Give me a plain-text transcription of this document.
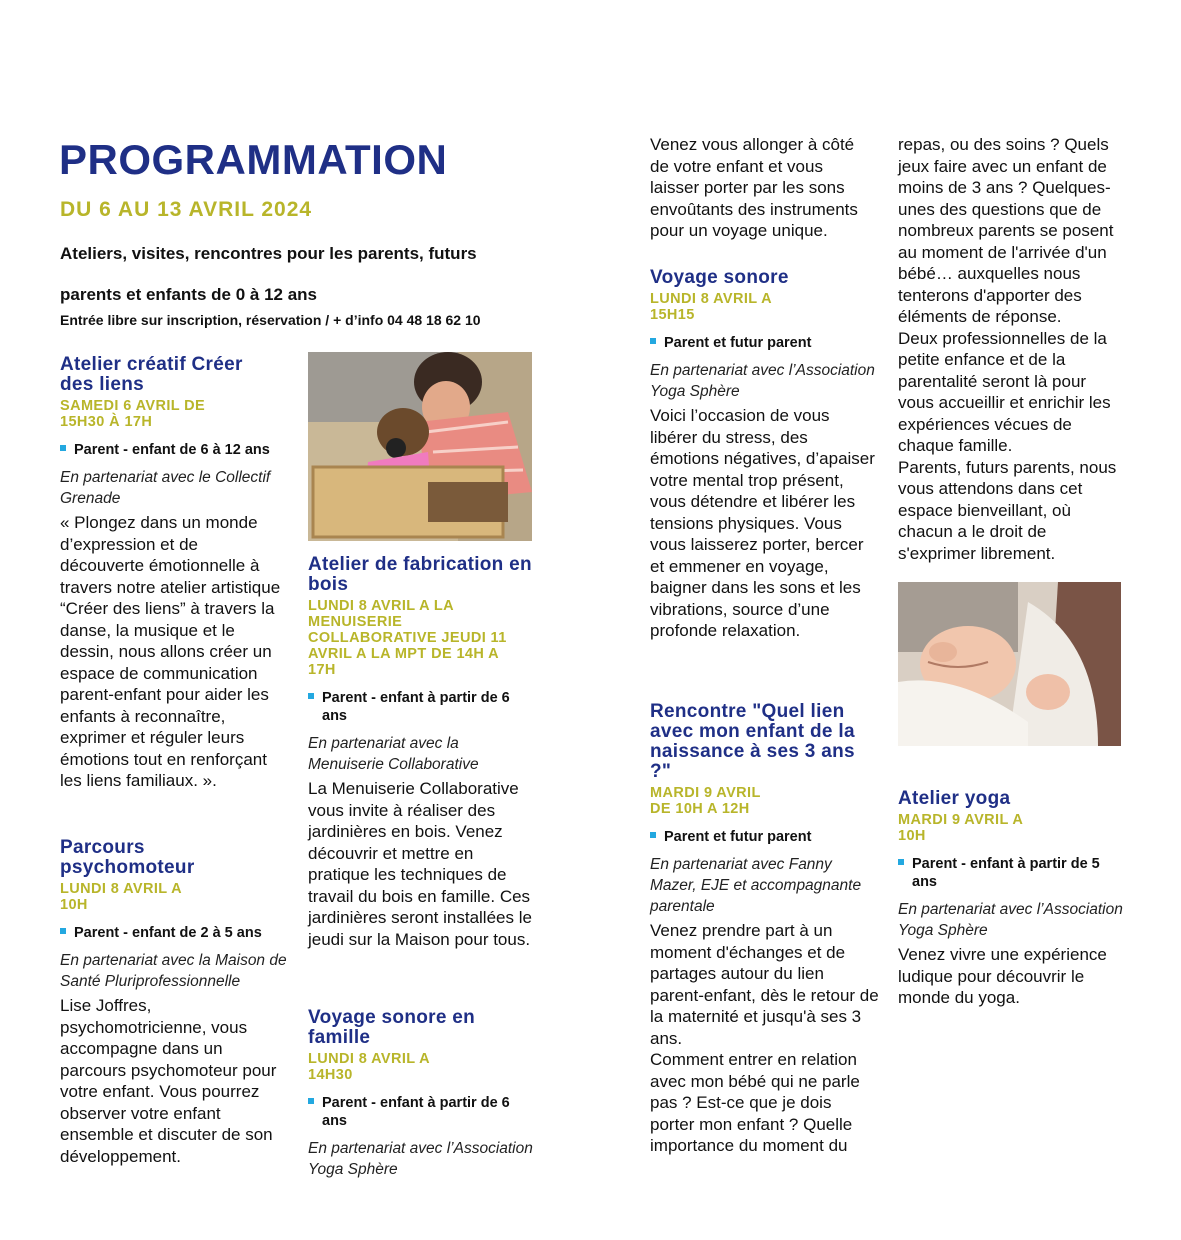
PROGRAMMATION

DU 6 AU 13 AVRIL 2024

Ateliers, visites, rencontres pour les parents, futurs parents et enfants de 0 à 12 ans

Entrée libre sur inscription, réservation / + d’info 04 48 18 62 10

Atelier créatif Créer des liens

SAMEDI 6 AVRIL DE 15H30 À 17H

Parent - enfant de 6 à 12 ans

En partenariat avec le Collectif Grenade

« Plongez dans un monde d’expression et de découverte émotionnelle à travers notre atelier artistique “Créer des liens” à travers la danse, la musique et le dessin, nous allons créer un espace de communication parent-enfant pour aider les enfants à reconnaître, exprimer et réguler leurs émotions tout en renforçant les liens familiaux. ».

Parcours psychomoteur

LUNDI 8 AVRIL A 10H

Parent - enfant de 2 à 5 ans

En partenariat avec la Maison de Santé Pluriprofessionnelle

Lise Joffres, psychomotricienne, vous accompagne dans un parcours psychomoteur pour votre enfant. Vous pourrez observer votre enfant ensemble et discuter de son développement.

Atelier de fabrication en bois

LUNDI 8 AVRIL A LA MENUISERIE COLLABORATIVE JEUDI 11 AVRIL A LA MPT DE 14H A 17H

Parent - enfant à partir de 6 ans

En partenariat avec la Menuiserie Collaborative

La Menuiserie Collaborative vous invite à réaliser des jardinières en bois. Venez découvrir et mettre en pratique les techniques de travail du bois en famille. Ces jardinières seront installées le jeudi sur la Maison pour tous.

Voyage sonore en famille

LUNDI 8 AVRIL A 14H30

Parent - enfant à partir de 6 ans

En partenariat avec l’Association Yoga Sphère

Venez vous allonger à côté de votre enfant et vous laisser porter par les sons envoûtants des instruments pour un voyage unique.

Voyage sonore

LUNDI 8 AVRIL A 15H15

Parent et futur parent

En partenariat avec l’Association Yoga Sphère

Voici l’occasion de vous libérer du stress, des émotions négatives, d’apaiser votre mental trop présent, vous détendre et libérer les tensions physiques. Vous vous laisserez porter, bercer et emmener en voyage, baigner dans les sons et les vibrations, source d’une profonde relaxation.

Rencontre "Quel lien avec mon enfant de la naissance à ses 3 ans ?"

MARDI 9 AVRIL DE 10H A 12H

Parent et futur parent

En partenariat avec Fanny Mazer, EJE et accompagnante parentale

Venez prendre part à un moment d'échanges et de partages autour du lien parent-enfant, dès le retour de la maternité et jusqu'à ses 3 ans.

Comment entrer en relation avec mon bébé qui ne parle pas ? Est-ce que je dois porter mon enfant ? Quelle importance du moment du

repas, ou des soins ? Quels jeux faire avec un enfant de moins de 3 ans ? Quelques-unes des questions que de nombreux parents se posent au moment de l'arrivée d'un bébé… auxquelles nous tenterons d'apporter des éléments de réponse.

Deux professionnelles de la petite enfance et de la parentalité seront là pour vous accueillir et enrichir les expériences vécues de chaque famille.

Parents, futurs parents, nous vous attendons dans cet espace bienveillant, où chacun a le droit de s'exprimer librement.

Atelier yoga

MARDI 9 AVRIL A 10H

Parent - enfant à partir de 5 ans

En partenariat avec l’Association Yoga Sphère

Venez vivre une expérience ludique pour découvrir le monde du yoga.
